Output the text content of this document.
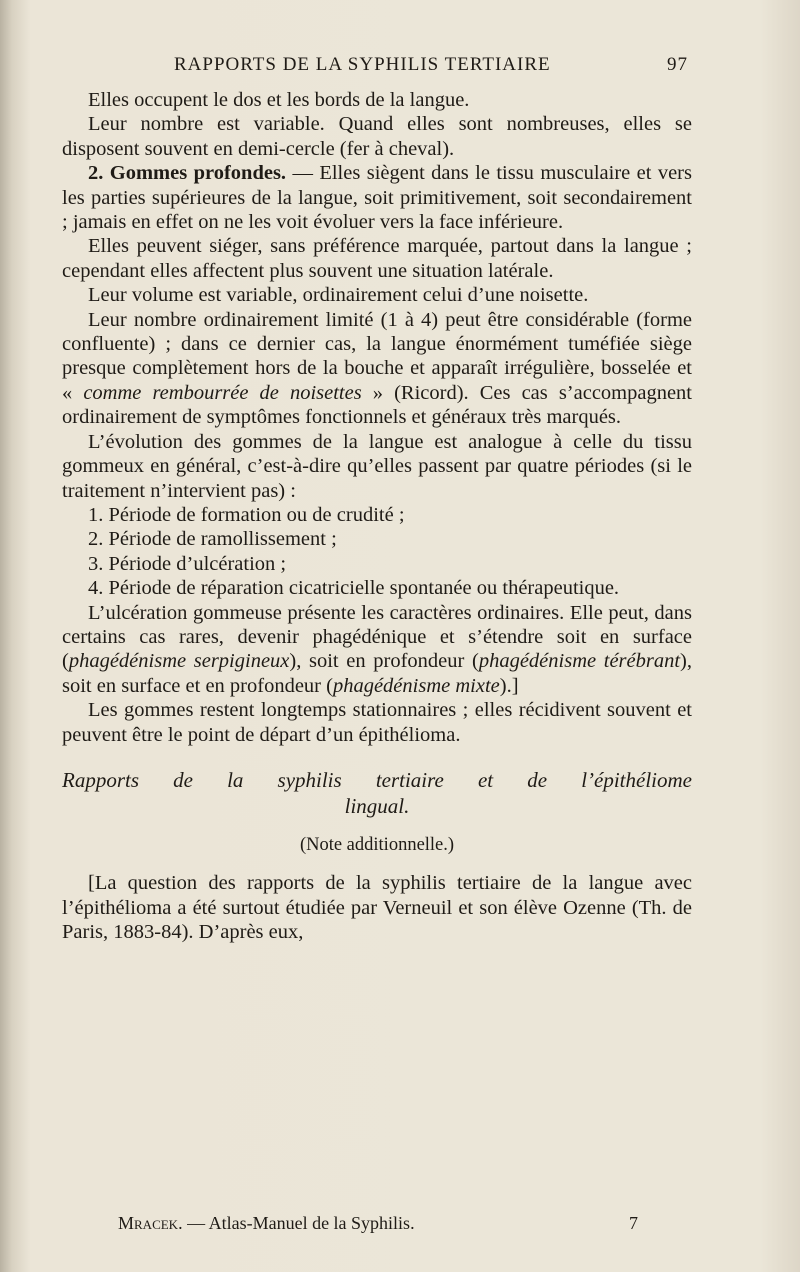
RAPPORTS DE LA SYPHILIS TERTIAIRE	97

Elles occupent le dos et les bords de la langue.

Leur nombre est variable. Quand elles sont nombreuses, elles se disposent souvent en demi-cercle (fer à cheval).

2. Gommes profondes. — Elles siègent dans le tissu musculaire et vers les parties supérieures de la langue, soit primitivement, soit secondairement ; jamais en effet on ne les voit évoluer vers la face inférieure.

Elles peuvent siéger, sans préférence marquée, partout dans la langue ; cependant elles affectent plus souvent une situation latérale.

Leur volume est variable, ordinairement celui d’une noisette.

Leur nombre ordinairement limité (1 à 4) peut être considérable (forme confluente) ; dans ce dernier cas, la langue énormément tuméfiée siège presque complètement hors de la bouche et apparaît irrégulière, bosselée et « comme rembourrée de noisettes » (Ricord). Ces cas s’accompagnent ordinairement de symptômes fonctionnels et généraux très marqués.

L’évolution des gommes de la langue est analogue à celle du tissu gommeux en général, c’est-à-dire qu’elles passent par quatre périodes (si le traitement n’intervient pas) :

1. Période de formation ou de crudité ;

2. Période de ramollissement ;

3. Période d’ulcération ;

4. Période de réparation cicatricielle spontanée ou thérapeutique.

L’ulcération gommeuse présente les caractères ordinaires. Elle peut, dans certains cas rares, devenir phagédénique et s’étendre soit en surface (phagédénisme serpigineux), soit en profondeur (phagédénisme térébrant), soit en surface et en profondeur (phagédénisme mixte).]

Les gommes restent longtemps stationnaires ; elles récidivent souvent et peuvent être le point de départ d’un épithélioma.

Rapports de la syphilis tertiaire et de l’épithéliome
lingual.
(Note additionnelle.)

[La question des rapports de la syphilis tertiaire de la langue avec l’épithélioma a été surtout étudiée par Verneuil et son élève Ozenne (Th. de Paris, 1883-84). D’après eux,

Mracek. — Atlas-Manuel de la Syphilis.	7
